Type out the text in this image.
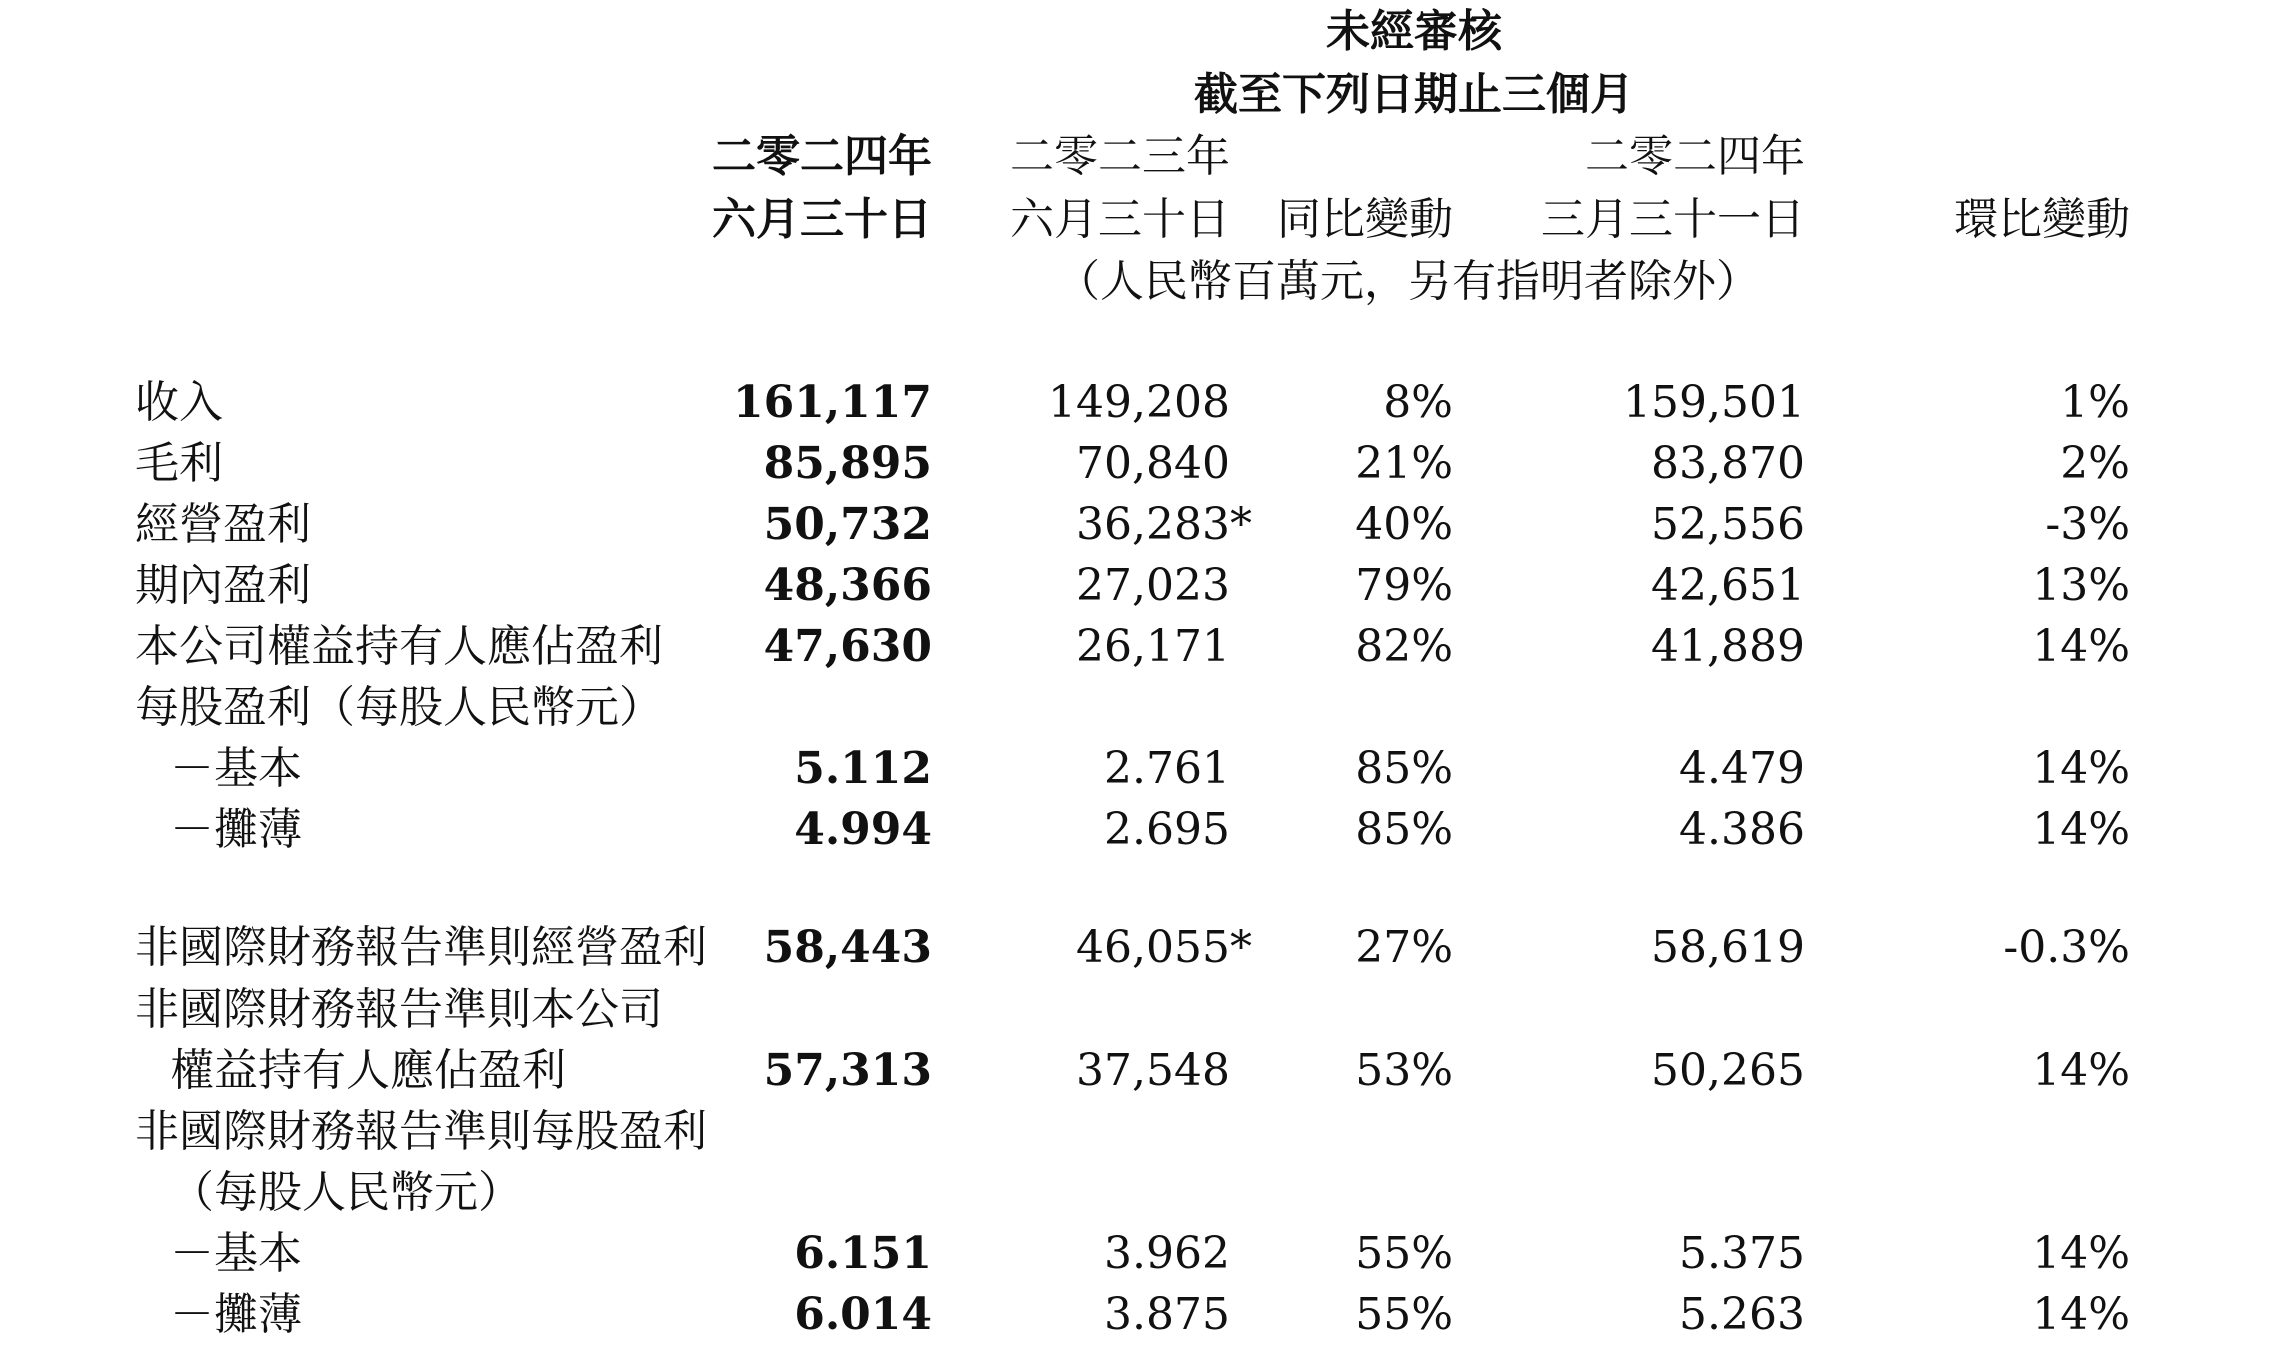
未經審核
截至下列日期止三個月
二零二四年
六月三十日
二零二三年
六月三十日 同比變動
二零二四年
三月三十一日	環比變動
（人民幣百萬元，另有指明者除外）
收入	161,117	149,208	8%	159,501	1%
毛利	85,895	70,840	21%	83,870	2%
經營盈利	50,732	36,283* 40%	52,556	-3%
期內盈利	48,366	27,023	79%	42,651	13%
本公司權益持有人應佔盈利 47,630	26,171	82%	41,889	14%
每股盈利（每股人民幣元）
－基本	5.112	2.761	85%	4.479	14%
－攤薄	4.994	2.695	85%	4.386	14%
非國際財務報告準則經營盈利 58,443	46,055* 27%	58,619	-0.3%
非國際財務報告準則本公司
權益持有人應佔盈利	57,313	37,548	53%	50,265	14%
非國際財務報告準則每股盈利
（每股人民幣元）
－基本	6.151	3.962	55%	5.375	14%
－攤薄	6.014	3.875	55%	5.263	14%
